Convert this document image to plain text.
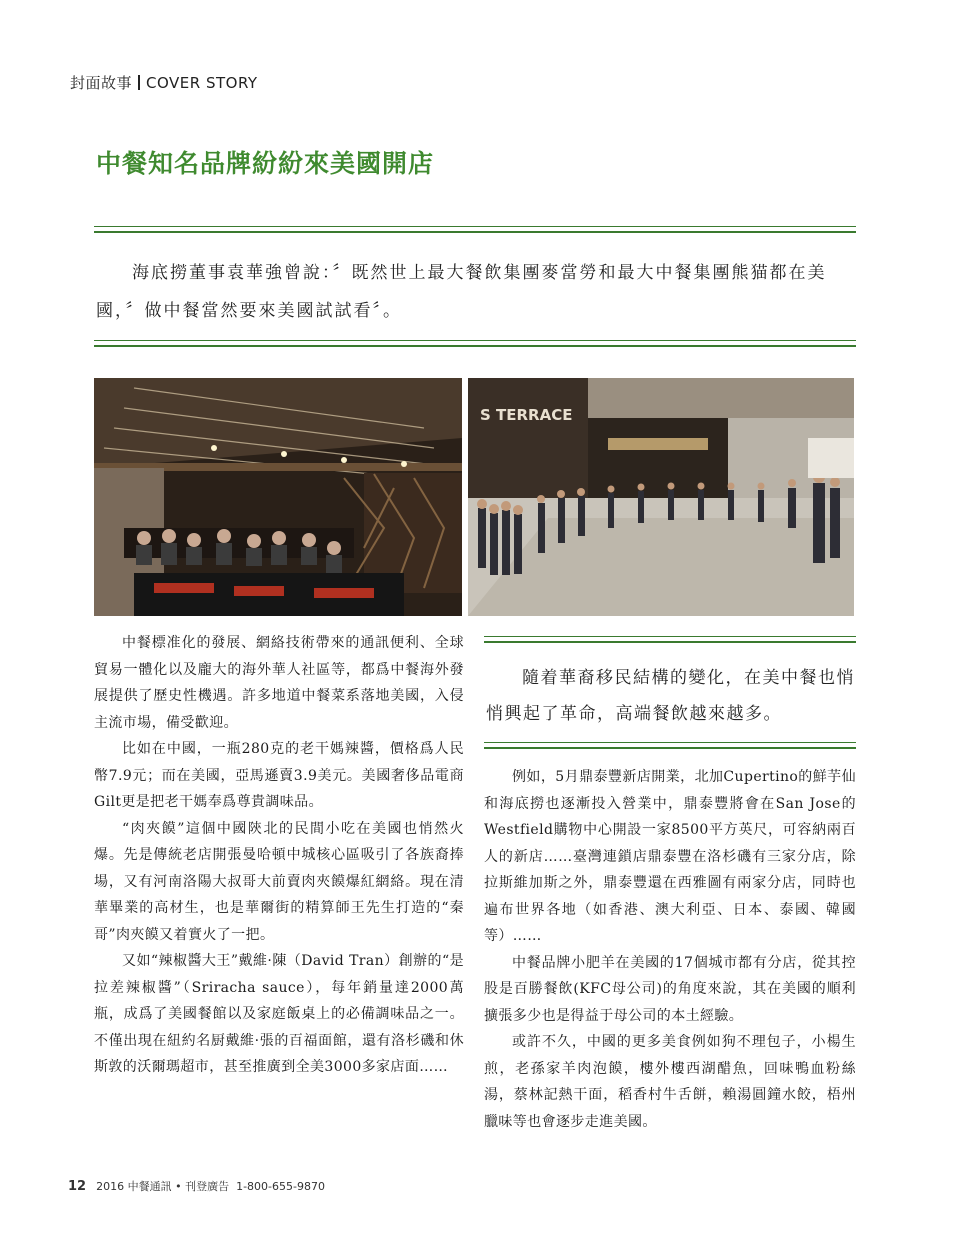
封面故事 COVER STORY
中餐知名品牌紛紛來美國開店

海底撈董事袁華強曾說：〞既然世上最大餐飲集團麥當勞和最大中餐集團熊猫都在美國，〞做中餐當然要來美國試試看〞。

S TERRACE

中餐標准化的發展、網絡技術帶來的通訊便利、全球貿易一體化以及龐大的海外華人社區等，都爲中餐海外發展提供了歷史性機遇。許多地道中餐菜系落地美國，入侵主流市場，備受歡迎。

比如在中國，一瓶280克的老干媽辣醬，價格爲人民幣7.9元；而在美國，亞馬遜賣3.9美元。美國奢侈品電商Gilt更是把老干媽奉爲尊貴調味品。

“肉夾饃”這個中國陝北的民間小吃在美國也悄然火爆。先是傳統老店開張曼哈頓中城核心區吸引了各族裔捧場，又有河南洛陽大叔哥大前賣肉夾饃爆紅網絡。現在清華畢業的高材生，也是華爾街的精算師王先生打造的“秦哥”肉夾饃又着實火了一把。

又如“辣椒醬大王”戴維·陳（David Tran）創辦的“是拉差辣椒醬”（Sriracha sauce），每年銷量達2000萬瓶，成爲了美國餐館以及家庭飯桌上的必備調味品之一。不僅出現在紐約名厨戴維·張的百福面館，還有洛杉磯和休斯敦的沃爾瑪超市，甚至推廣到全美3000多家店面……

隨着華裔移民結構的變化，在美中餐也悄悄興起了革命，高端餐飲越來越多。

例如，5月鼎泰豐新店開業，北加Cupertino的鮮芋仙和海底撈也逐漸投入營業中，鼎泰豐將會在San Jose的Westfield購物中心開設一家8500平方英尺，可容納兩百人的新店……臺灣連鎖店鼎泰豐在洛杉磯有三家分店，除拉斯維加斯之外，鼎泰豐還在西雅圖有兩家分店，同時也遍布世界各地（如香港、澳大利亞、日本、泰國、韓國等）……

中餐品牌小肥羊在美國的17個城市都有分店，從其控股是百勝餐飲(KFC母公司)的角度來說，其在美國的順利擴張多少也是得益于母公司的本土經驗。

或許不久，中國的更多美食例如狗不理包子，小楊生煎，老孫家羊肉泡饃，樓外樓西湖醋魚，回味鴨血粉絲湯，蔡林記熱干面，稻香村牛舌餅，賴湯圓鐘水餃，梧州臘味等也會逐步走進美國。

12 2016 中餐通訊 • 刊登廣告 1-800-655-9870
